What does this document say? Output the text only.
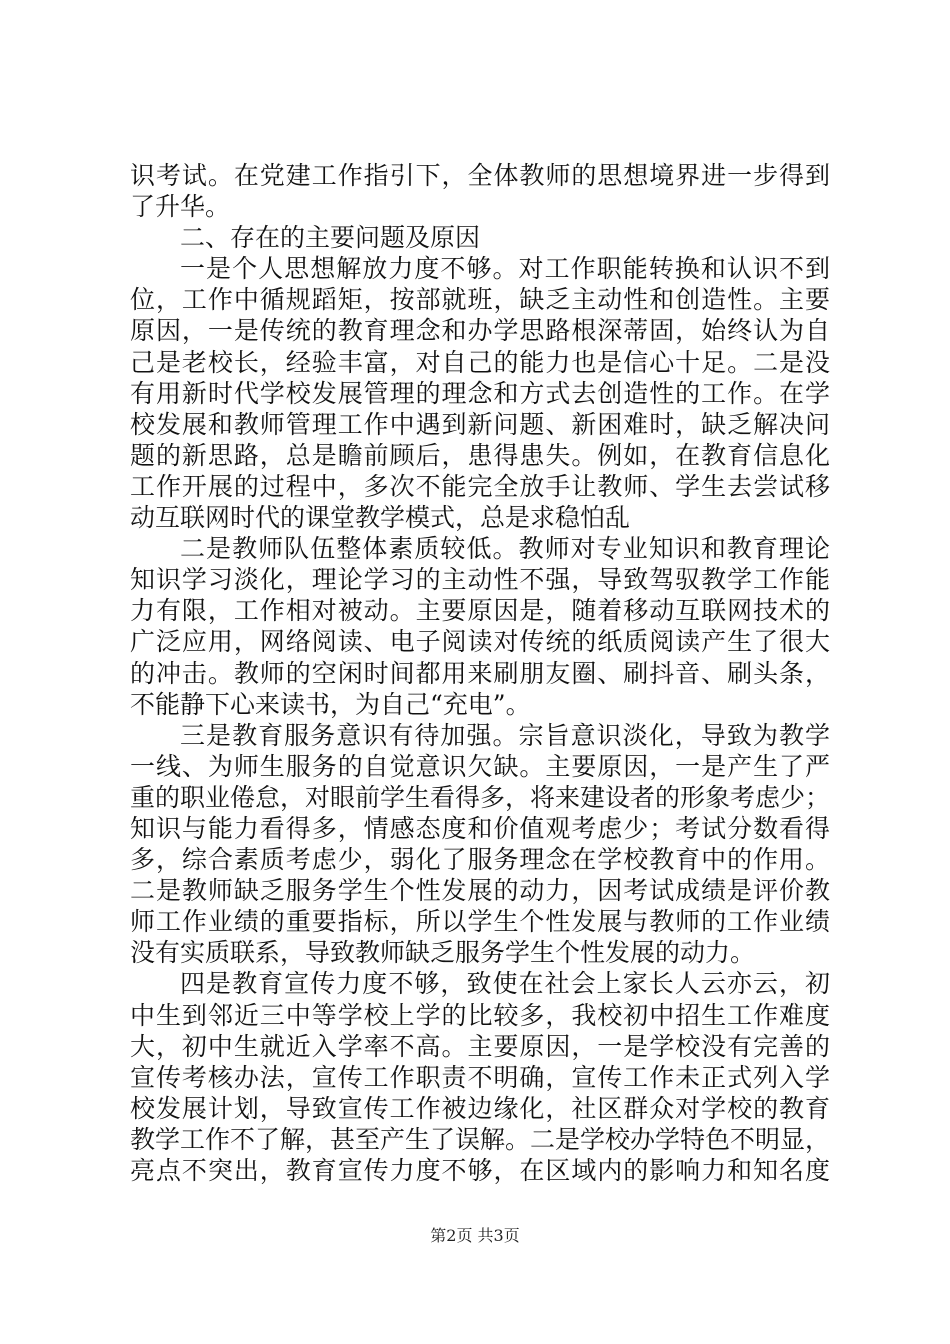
识考试。在党建工作指引下，全体教师的思想境界进一步得到
了升华。
二、存在的主要问题及原因
一是个人思想解放力度不够。对工作职能转换和认识不到
位，工作中循规蹈矩，按部就班，缺乏主动性和创造性。主要
原因，一是传统的教育理念和办学思路根深蒂固，始终认为自
己是老校长，经验丰富，对自己的能力也是信心十足。二是没
有用新时代学校发展管理的理念和方式去创造性的工作。在学
校发展和教师管理工作中遇到新问题、新困难时，缺乏解决问
题的新思路，总是瞻前顾后，患得患失。例如，在教育信息化
工作开展的过程中，多次不能完全放手让教师、学生去尝试移
动互联网时代的课堂教学模式，总是求稳怕乱
二是教师队伍整体素质较低。教师对专业知识和教育理论
知识学习淡化，理论学习的主动性不强，导致驾驭教学工作能
力有限，工作相对被动。主要原因是，随着移动互联网技术的
广泛应用，网络阅读、电子阅读对传统的纸质阅读产生了很大
的冲击。教师的空闲时间都用来刷朋友圈、刷抖音、刷头条，
不能静下心来读书，为自己“充电”。
三是教育服务意识有待加强。宗旨意识淡化，导致为教学
一线、为师生服务的自觉意识欠缺。主要原因，一是产生了严
重的职业倦怠，对眼前学生看得多，将来建设者的形象考虑少；
知识与能力看得多，情感态度和价值观考虑少；考试分数看得
多，综合素质考虑少，弱化了服务理念在学校教育中的作用。
二是教师缺乏服务学生个性发展的动力，因考试成绩是评价教
师工作业绩的重要指标，所以学生个性发展与教师的工作业绩
没有实质联系，导致教师缺乏服务学生个性发展的动力。
四是教育宣传力度不够，致使在社会上家长人云亦云，初
中生到邻近三中等学校上学的比较多，我校初中招生工作难度
大，初中生就近入学率不高。主要原因，一是学校没有完善的
宣传考核办法，宣传工作职责不明确，宣传工作未正式列入学
校发展计划，导致宣传工作被边缘化，社区群众对学校的教育
教学工作不了解，甚至产生了误解。二是学校办学特色不明显，
亮点不突出，教育宣传力度不够，在区域内的影响力和知名度
第2页 共3页
